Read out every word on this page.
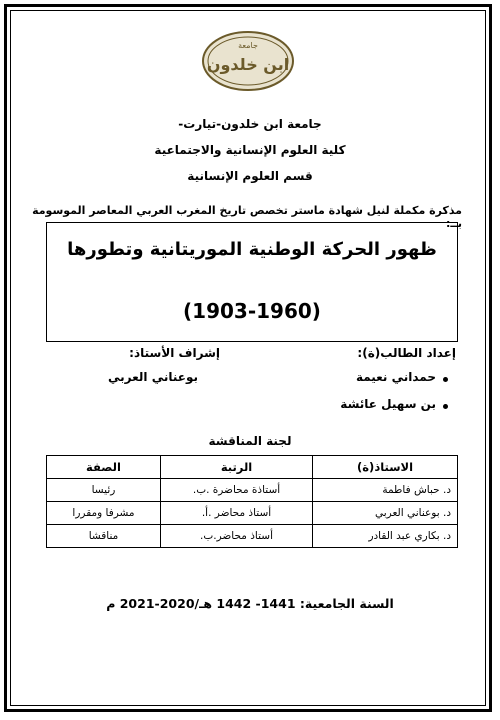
جامعة
ابن خلدون
جامعة ابن خلدون-تيارت-
كلية العلوم الإنسانية والاجتماعية
قسم العلوم الإنسانية
مذكرة مكملة لنيل شهادة ماستر تخصص تاريخ المغرب العربي المعاصر الموسومة بــ:
ظهور الحركة الوطنية الموريتانية وتطورها
(1903-1960)
إعداد الطالب(ة):
إشراف الأستاذ:
حمداني نعيمة
بوعناني العربي
بن سهيل عائشة
لجنة المناقشة
الاستاذ(ة)	الرتبة	الصفة
د. حباش فاطمة	أستاذة محاضرة .ب.	رئيسا
د. بوعناني العربي	أستاذ محاضر .أ.	مشرفا ومقررا
د. بكاري عبد القادر	أستاذ محاضر.ب.	مناقشا
السنة الجامعية: 1441- 1442 هـ/2020-2021 م
